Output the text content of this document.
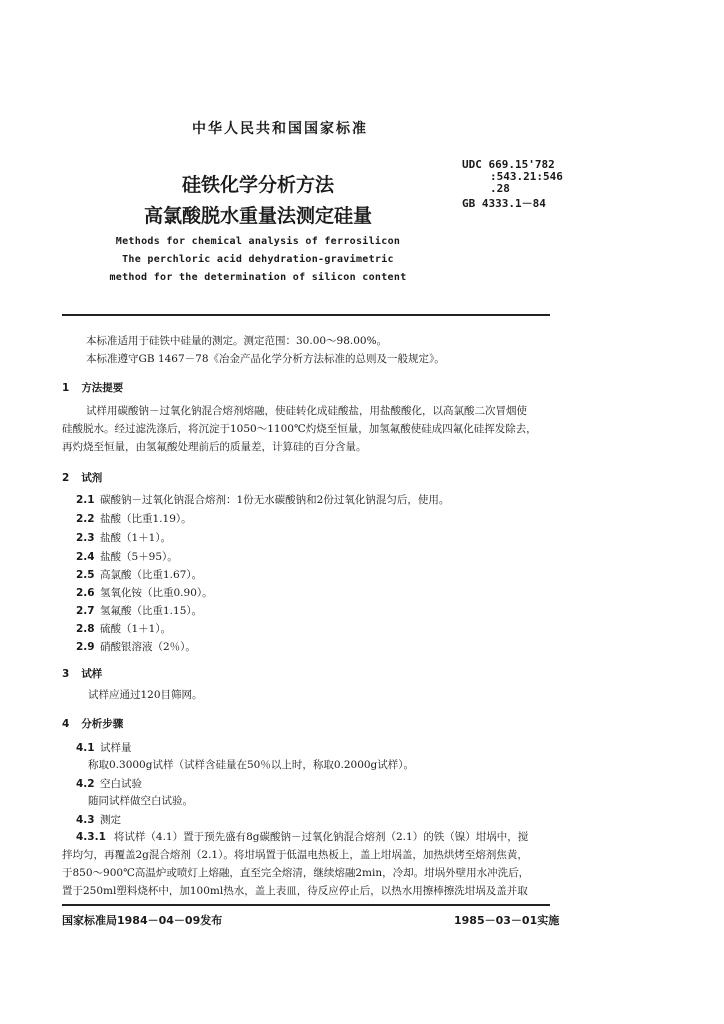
中华人民共和国国家标准
硅铁化学分析方法
高氯酸脱水重量法测定硅量
UDC 669.15'782
:543.21:546
.28
GB 4333.1－84
Methods for chemical analysis of ferrosilicon
The perchloric acid dehydration-gravimetric
method for the determination of silicon content
本标准适用于硅铁中硅量的测定。测定范围：30.00～98.00%。
本标准遵守GB 1467－78《冶金产品化学分析方法标准的总则及一般规定》。
1 方法提要
试样用碳酸钠－过氧化钠混合熔剂熔融，使硅转化成硅酸盐，用盐酸酸化，以高氯酸二次冒烟使
硅酸脱水。经过滤洗涤后，将沉淀于1050～1100℃灼烧至恒量，加氢氟酸使硅成四氟化硅挥发除去，
再灼烧至恒量，由氢氟酸处理前后的质量差，计算硅的百分含量。
2 试剂
2.1 碳酸钠－过氧化钠混合熔剂：1份无水碳酸钠和2份过氧化钠混匀后，使用。
2.2 盐酸（比重1.19）。
2.3 盐酸（1＋1）。
2.4 盐酸（5＋95）。
2.5 高氯酸（比重1.67）。
2.6 氢氧化铵（比重0.90）。
2.7 氢氟酸（比重1.15）。
2.8 硫酸（1＋1）。
2.9 硝酸银溶液（2％）。
3 试样
试样应通过120目筛网。
4 分析步骤
4.1 试样量
称取0.3000g试样（试样含硅量在50％以上时，称取0.2000g试样）。
4.2 空白试验
随同试样做空白试验。
4.3 测定
4.3.1 将试样（4.1）置于预先盛有8g碳酸钠－过氧化钠混合熔剂（2.1）的铁（镍）坩埚中，搅
拌均匀，再覆盖2g混合熔剂（2.1）。将坩埚置于低温电热板上，盖上坩埚盖，加热烘烤至熔剂焦黄，
于850～900℃高温炉或喷灯上熔融，直至完全熔清，继续熔融2min，冷却。坩埚外壁用水冲洗后，
置于250ml塑料烧杯中，加100ml热水，盖上表皿，待反应停止后，以热水用擦棒擦洗坩埚及盖并取
国家标准局1984－04－09发布	1985－03－01实施
